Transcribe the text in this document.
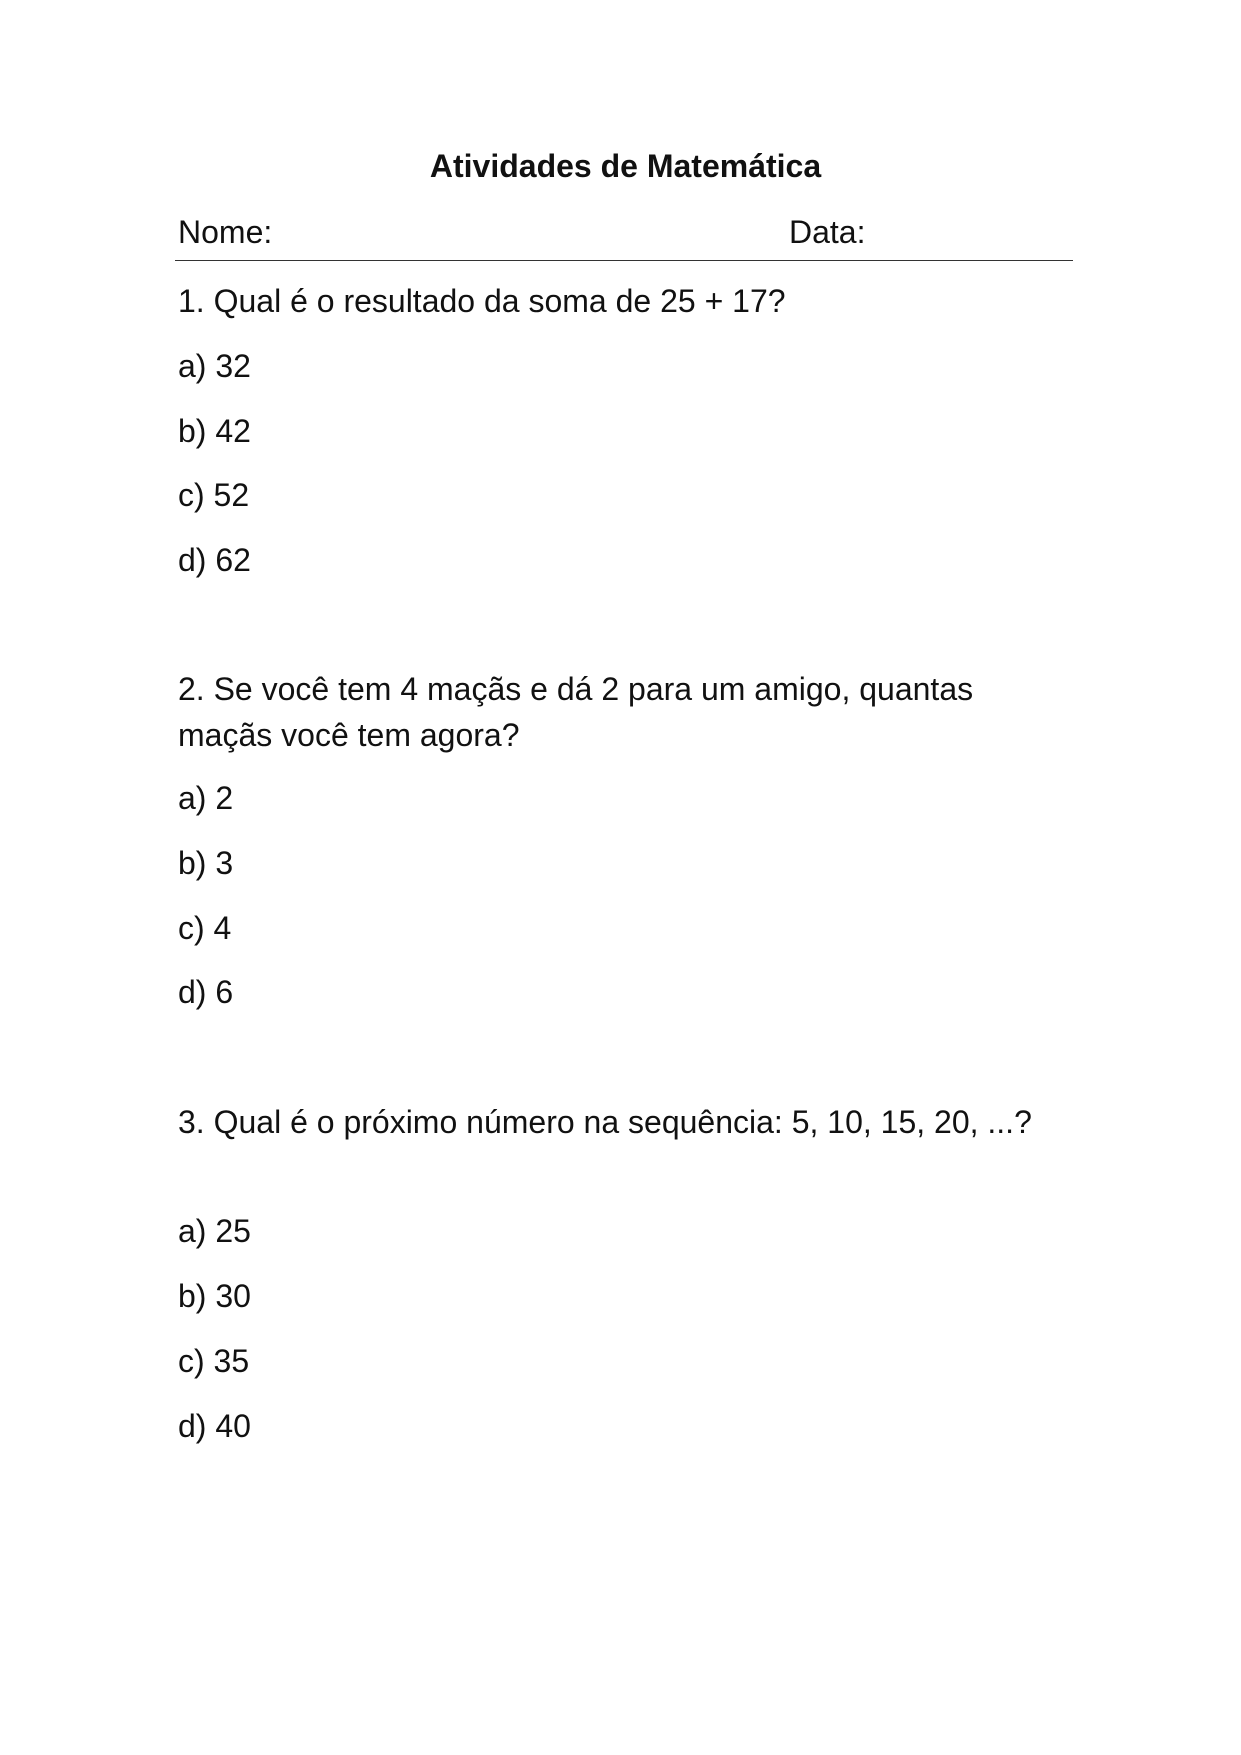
Atividades de Matemática
Nome:	Data:

1. Qual é o resultado da soma de 25 + 17?

a) 32
b) 42
c) 52
d) 62

2. Se você tem 4 maçãs e dá 2 para um amigo, quantas maçãs você tem agora?

a) 2
b) 3
c) 4
d) 6

3. Qual é o próximo número na sequência: 5, 10, 15, 20, ...?

a) 25
b) 30
c) 35
d) 40
